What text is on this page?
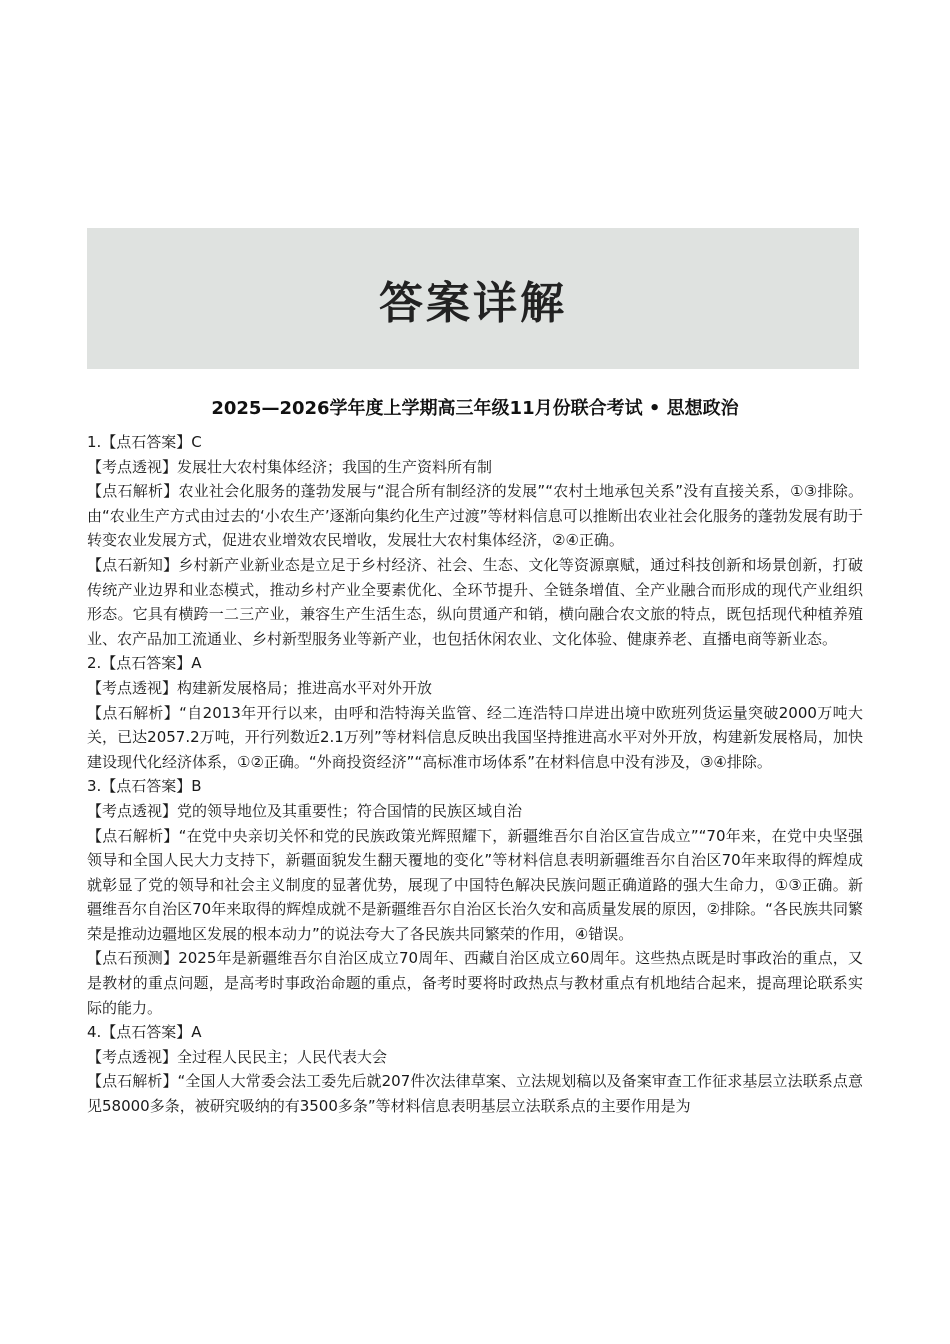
答案详解
2025—2026学年度上学期高三年级11月份联合考试 • 思想政治

1.【点石答案】C

【考点透视】发展壮大农村集体经济；我国的生产资料所有制

【点石解析】农业社会化服务的蓬勃发展与“混合所有制经济的发展”“农村土地承包关系”没有直接关系，①③排除。由“农业生产方式由过去的‘小农生产’逐渐向集约化生产过渡”等材料信息可以推断出农业社会化服务的蓬勃发展有助于转变农业发展方式，促进农业增效农民增收，发展壮大农村集体经济，②④正确。

【点石新知】乡村新产业新业态是立足于乡村经济、社会、生态、文化等资源禀赋，通过科技创新和场景创新，打破传统产业边界和业态模式，推动乡村产业全要素优化、全环节提升、全链条增值、全产业融合而形成的现代产业组织形态。它具有横跨一二三产业，兼容生产生活生态，纵向贯通产和销，横向融合农文旅的特点，既包括现代种植养殖业、农产品加工流通业、乡村新型服务业等新产业，也包括休闲农业、文化体验、健康养老、直播电商等新业态。

2.【点石答案】A

【考点透视】构建新发展格局；推进高水平对外开放

【点石解析】“自2013年开行以来，由呼和浩特海关监管、经二连浩特口岸进出境中欧班列货运量突破2000万吨大关，已达2057.2万吨，开行列数近2.1万列”等材料信息反映出我国坚持推进高水平对外开放，构建新发展格局，加快建设现代化经济体系，①②正确。“外商投资经济”“高标准市场体系”在材料信息中没有涉及，③④排除。

3.【点石答案】B

【考点透视】党的领导地位及其重要性；符合国情的民族区域自治

【点石解析】“在党中央亲切关怀和党的民族政策光辉照耀下，新疆维吾尔自治区宣告成立”“70年来，在党中央坚强领导和全国人民大力支持下，新疆面貌发生翻天覆地的变化”等材料信息表明新疆维吾尔自治区70年来取得的辉煌成就彰显了党的领导和社会主义制度的显著优势，展现了中国特色解决民族问题正确道路的强大生命力，①③正确。新疆维吾尔自治区70年来取得的辉煌成就不是新疆维吾尔自治区长治久安和高质量发展的原因，②排除。“各民族共同繁荣是推动边疆地区发展的根本动力”的说法夸大了各民族共同繁荣的作用，④错误。

【点石预测】2025年是新疆维吾尔自治区成立70周年、西藏自治区成立60周年。这些热点既是时事政治的重点，又是教材的重点问题，是高考时事政治命题的重点，备考时要将时政热点与教材重点有机地结合起来，提高理论联系实际的能力。

4.【点石答案】A

【考点透视】全过程人民民主；人民代表大会

【点石解析】“全国人大常委会法工委先后就207件次法律草案、立法规划稿以及备案审查工作征求基层立法联系点意见58000多条，被研究吸纳的有3500多条”等材料信息表明基层立法联系点的主要作用是为
